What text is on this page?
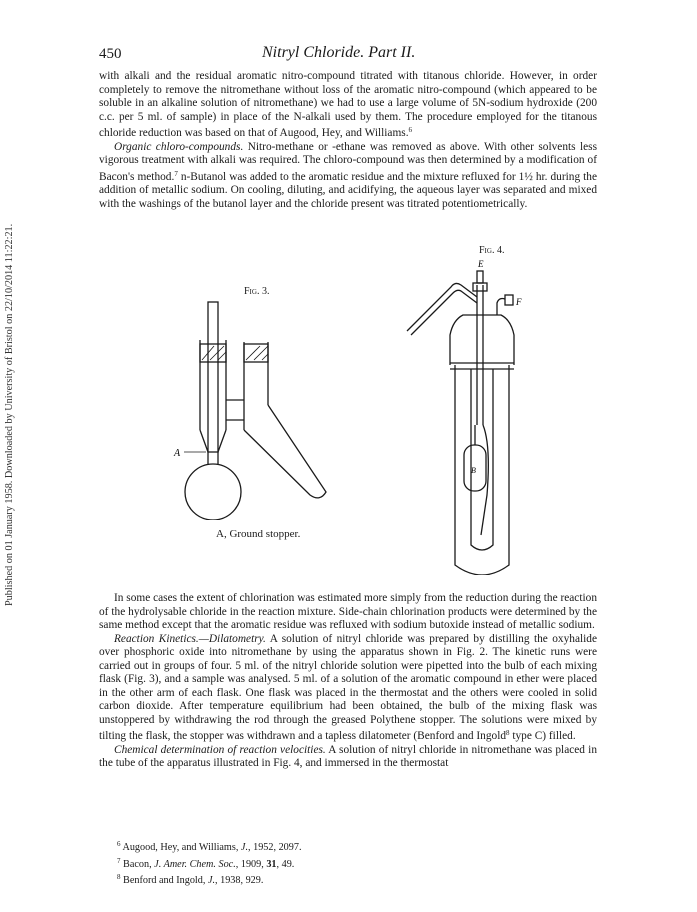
Published on 01 January 1958. Downloaded by University of Bristol on 22/10/2014 11:22:21.
450	Nitryl Chloride. Part II.

with alkali and the residual aromatic nitro-compound titrated with titanous chloride. However, in order completely to remove the nitromethane without loss of the aromatic nitro-compound (which appeared to be soluble in an alkaline solution of nitromethane) we had to use a large volume of 5N-sodium hydroxide (200 c.c. per 5 ml. of sample) in place of the N-alkali used by them. The procedure employed for the titanous chloride reduction was based on that of Augood, Hey, and Williams.$^6$

Organic chloro-compounds. Nitro-methane or -ethane was removed as above. With other solvents less vigorous treatment with alkali was required. The chloro-compound was then determined by a modification of Bacon's method.$^7$ n-Butanol was added to the aromatic residue and the mixture refluxed for 1½ hr. during the addition of metallic sodium. On cooling, diluting, and acidifying, the aqueous layer was separated and mixed with the washings of the butanol layer and the chloride present was titrated potentiometrically.

Fig. 3.
A
A, Ground stopper.
Fig. 4.
E
F
B

In some cases the extent of chlorination was estimated more simply from the reduction during the reaction of the hydrolysable chloride in the reaction mixture. Side-chain chlorination products were determined by the same method except that the aromatic residue was refluxed with sodium butoxide instead of metallic sodium.

Reaction Kinetics.—Dilatometry. A solution of nitryl chloride was prepared by distilling the oxyhalide over phosphoric oxide into nitromethane by using the apparatus shown in Fig. 2. The kinetic runs were carried out in groups of four. 5 ml. of the nitryl chloride solution were pipetted into the bulb of each mixing flask (Fig. 3), and a sample was analysed. 5 ml. of a solution of the aromatic compound in ether were placed in the other arm of each flask. One flask was placed in the thermostat and the others were cooled in solid carbon dioxide. After temperature equilibrium had been obtained, the bulb of the mixing flask was unstoppered by withdrawing the rod through the greased Polythene stopper. The solutions were mixed by tilting the flask, the stopper was withdrawn and a tapless dilatometer (Benford and Ingold$^8$ type C) filled.

Chemical determination of reaction velocities. A solution of nitryl chloride in nitromethane was placed in the tube of the apparatus illustrated in Fig. 4, and immersed in the thermostat

$^6$ Augood, Hey, and Williams, J., 1952, 2097.
$^7$ Bacon, J. Amer. Chem. Soc., 1909, 31, 49.
$^8$ Benford and Ingold, J., 1938, 929.
